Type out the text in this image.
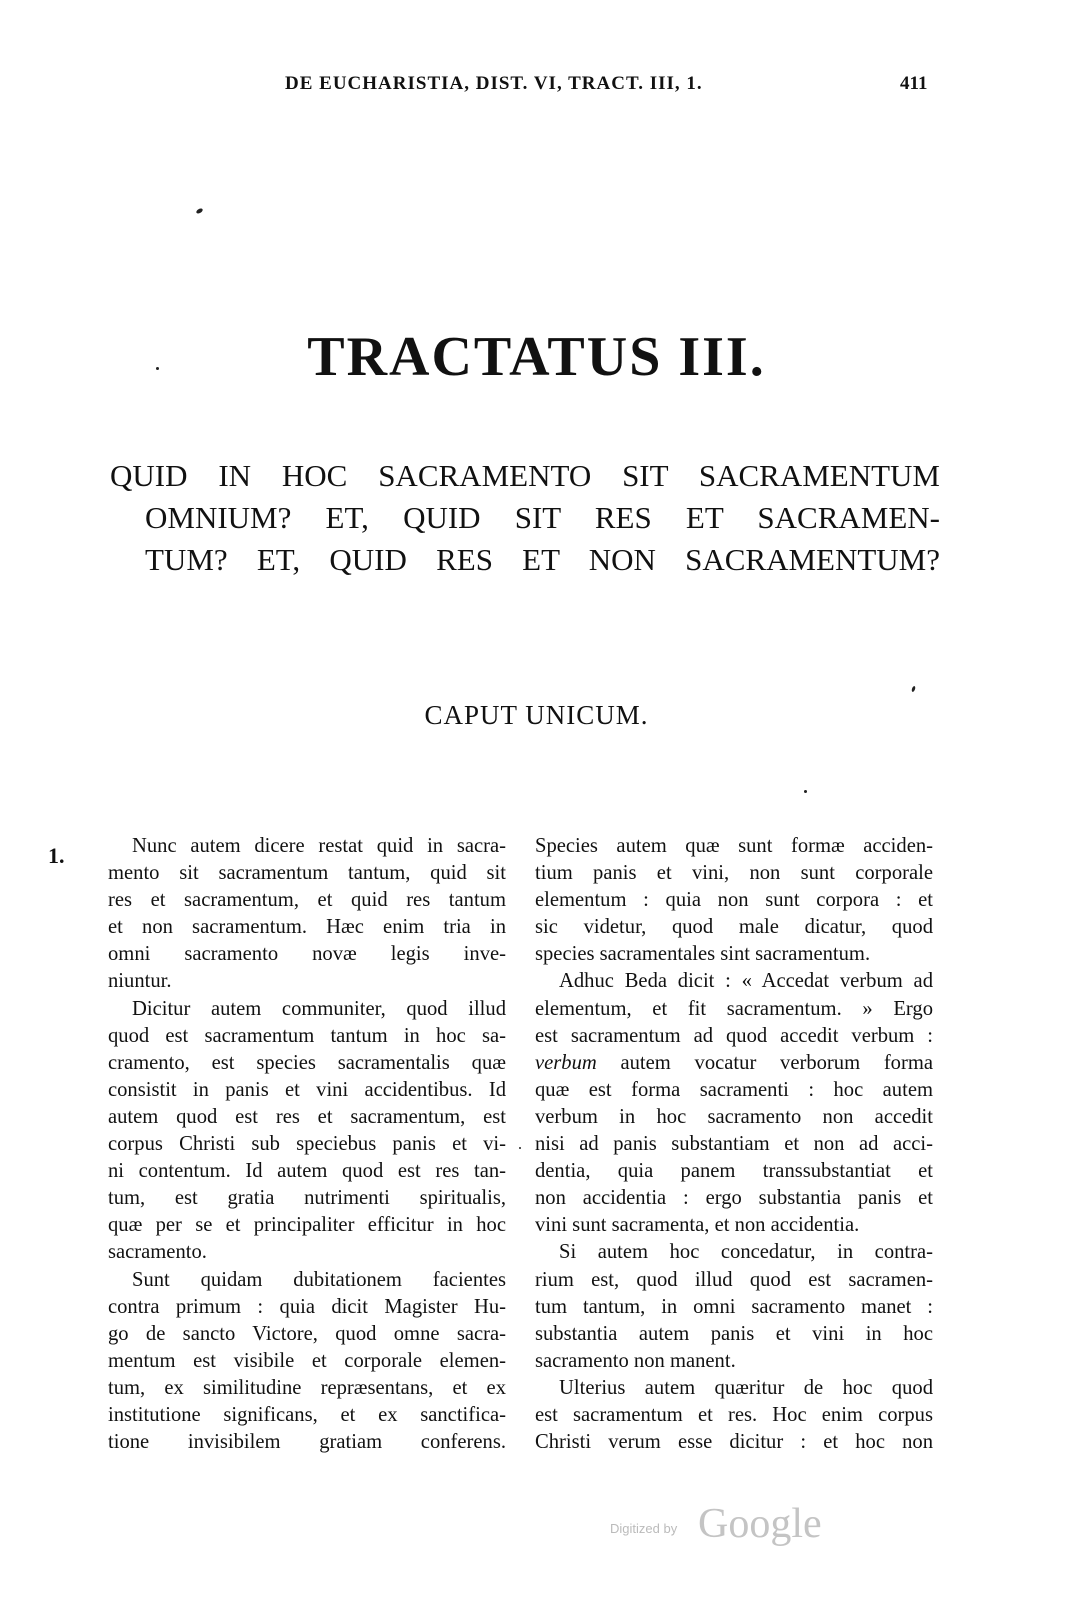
DE EUCHARISTIA, DIST. VI, TRACT. III, 1.	411
TRACTATUS III.
QUID IN HOC SACRAMENTO SIT SACRAMENTUM
OMNIUM? ET, QUID SIT RES ET SACRAMEN-
TUM? ET, QUID RES ET NON SACRAMENTUM?
CAPUT UNICUM.
1.	Nunc autem dicere restat quid in sacra-
mento sit sacramentum tantum, quid sit
res et sacramentum, et quid res tantum
et non sacramentum. Hæc enim tria in
omni sacramento novæ legis inve-
niuntur.
Dicitur autem communiter, quod illud
quod est sacramentum tantum in hoc sa-
cramento, est species sacramentalis quæ
consistit in panis et vini accidentibus. Id
autem quod est res et sacramentum, est
corpus Christi sub speciebus panis et vi-
ni contentum. Id autem quod est res tan-
tum, est gratia nutrimenti spiritualis,
quæ per se et principaliter efficitur in hoc
sacramento.
Sunt quidam dubitationem facientes
contra primum : quia dicit Magister Hu-
go de sancto Victore, quod omne sacra-
mentum est visibile et corporale elemen-
tum, ex similitudine repræsentans, et ex
institutione significans, et ex sanctifica-
tione invisibilem gratiam conferens.
Species autem quæ sunt formæ acciden-
tium panis et vini, non sunt corporale
elementum : quia non sunt corpora : et
sic videtur, quod male dicatur, quod
species sacramentales sint sacramentum.
Adhuc Beda dicit : « Accedat verbum ad
elementum, et fit sacramentum. » Ergo
est sacramentum ad quod accedit verbum :
verbum autem vocatur verborum forma
quæ est forma sacramenti : hoc autem
verbum in hoc sacramento non accedit
nisi ad panis substantiam et non ad acci-
dentia, quia panem transsubstantiat et
non accidentia : ergo substantia panis et
vini sunt sacramenta, et non accidentia.
Si autem hoc concedatur, in contra-
rium est, quod illud quod est sacramen-
tum tantum, in omni sacramento manet :
substantia autem panis et vini in hoc
sacramento non manent.
Ulterius autem quæritur de hoc quod
est sacramentum et res. Hoc enim corpus
Christi verum esse dicitur : et hoc non
Digitized by Google
